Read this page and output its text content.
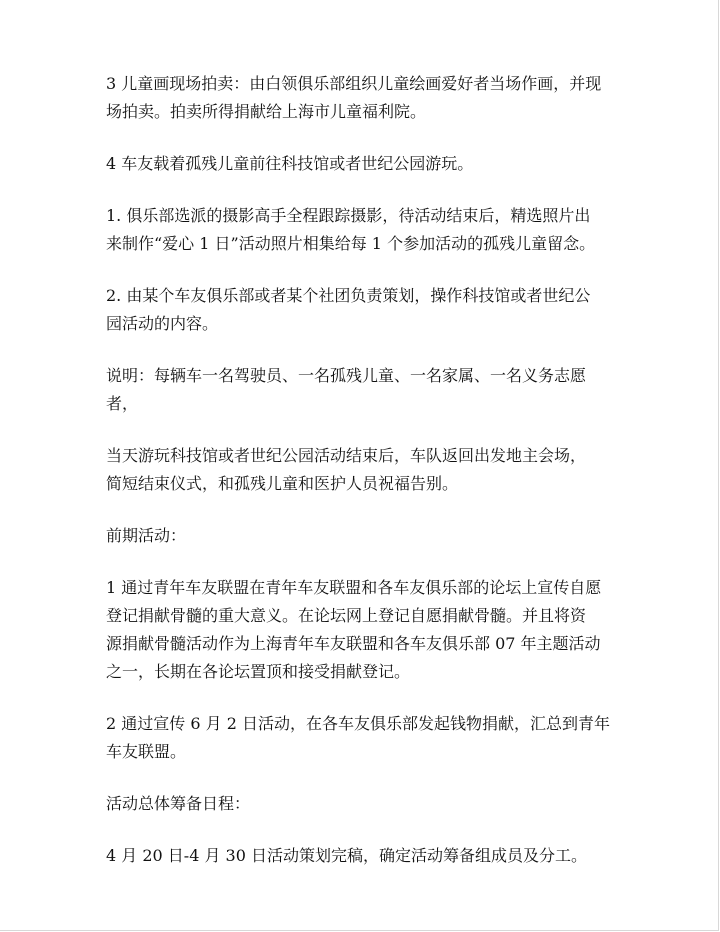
3 儿童画现场拍卖：由白领俱乐部组织儿童绘画爱好者当场作画，并现
场拍卖。拍卖所得捐献给上海市儿童福利院。

4 车友载着孤残儿童前往科技馆或者世纪公园游玩。

1. 俱乐部选派的摄影高手全程跟踪摄影，待活动结束后，精选照片出
来制作“爱心 1 日”活动照片相集给每 1 个参加活动的孤残儿童留念。

2. 由某个车友俱乐部或者某个社团负责策划，操作科技馆或者世纪公
园活动的内容。

说明：每辆车一名驾驶员、一名孤残儿童、一名家属、一名义务志愿
者，

当天游玩科技馆或者世纪公园活动结束后，车队返回出发地主会场，
简短结束仪式，和孤残儿童和医护人员祝福告别。

前期活动：

1 通过青年车友联盟在青年车友联盟和各车友俱乐部的论坛上宣传自愿
登记捐献骨髓的重大意义。在论坛网上登记自愿捐献骨髓。并且将资
源捐献骨髓活动作为上海青年车友联盟和各车友俱乐部 07 年主题活动
之一，长期在各论坛置顶和接受捐献登记。

2 通过宣传 6 月 2 日活动，在各车友俱乐部发起钱物捐献，汇总到青年
车友联盟。

活动总体筹备日程：

4 月 20 日-4 月 30 日活动策划完稿，确定活动筹备组成员及分工。
